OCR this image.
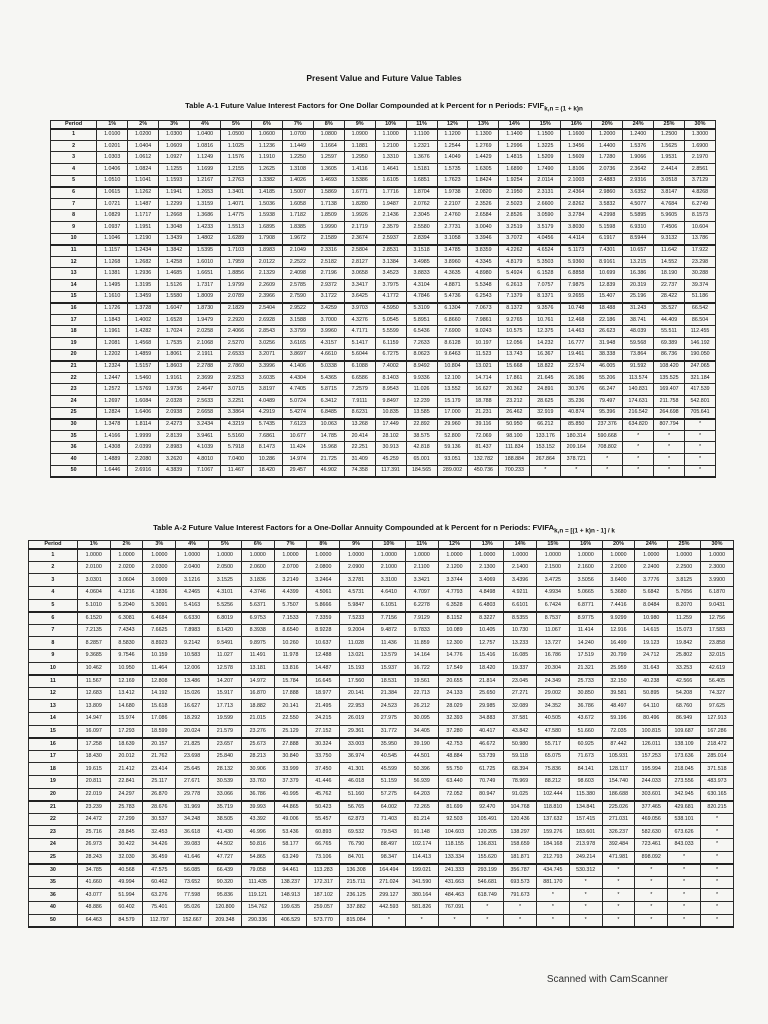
Present Value and Future Value Tables
Table A-1 Future Value Interest Factors for One Dollar Compounded at k Percent for n Periods: $FVIF_{k,n = (1 + k)n}$
Period	1%	2%	3%	4%	5%	6%	7%	8%	9%	10%	11%	12%	13%	14%	15%	16%	20%	24%	25%	30%
1	1.0100	1.0200	1.0300	1.0400	1.0500	1.0600	1.0700	1.0800	1.0900	1.1000	1.1100	1.1200	1.1300	1.1400	1.1500	1.1600	1.2000	1.2400	1.2500	1.3000
2	1.0201	1.0404	1.0609	1.0816	1.1025	1.1236	1.1449	1.1664	1.1881	1.2100	1.2321	1.2544	1.2769	1.2996	1.3225	1.3456	1.4400	1.5376	1.5625	1.6900
3	1.0303	1.0612	1.0927	1.1249	1.1576	1.1910	1.2250	1.2597	1.2950	1.3310	1.3676	1.4049	1.4429	1.4815	1.5209	1.5609	1.7280	1.9066	1.9531	2.1970
4	1.0406	1.0824	1.1255	1.1699	1.2155	1.2625	1.3108	1.3605	1.4116	1.4641	1.5181	1.5735	1.6305	1.6890	1.7490	1.8106	2.0736	2.3642	2.4414	2.8561
5	1.0510	1.1041	1.1593	1.2167	1.2763	1.3382	1.4026	1.4693	1.5386	1.6105	1.6851	1.7623	1.8424	1.9254	2.0114	2.1003	2.4883	2.9316	3.0518	3.7129
6	1.0615	1.1262	1.1941	1.2653	1.3401	1.4185	1.5007	1.5869	1.6771	1.7716	1.8704	1.9738	2.0820	2.1950	2.3131	2.4364	2.9860	3.6352	3.8147	4.8268
7	1.0721	1.1487	1.2299	1.3159	1.4071	1.5036	1.6058	1.7138	1.8280	1.9487	2.0762	2.2107	2.3526	2.5023	2.6600	2.8262	3.5832	4.5077	4.7684	6.2749
8	1.0829	1.1717	1.2668	1.3686	1.4775	1.5938	1.7182	1.8509	1.9926	2.1436	2.3045	2.4760	2.6584	2.8526	3.0590	3.2784	4.2998	5.5895	5.9605	8.1573
9	1.0937	1.1951	1.3048	1.4233	1.5513	1.6895	1.8385	1.9990	2.1719	2.3579	2.5580	2.7731	3.0040	3.2519	3.5179	3.8030	5.1598	6.9310	7.4506	10.604
10	1.1046	1.2190	1.3439	1.4802	1.6289	1.7908	1.9672	2.1589	2.3674	2.5937	2.8394	3.1058	3.3946	3.7072	4.0456	4.4114	6.1917	8.5944	9.3132	13.786
11	1.1157	1.2434	1.3842	1.5395	1.7103	1.8983	2.1049	2.3316	2.5804	2.8531	3.1518	3.4785	3.8359	4.2262	4.6524	5.1173	7.4301	10.657	11.642	17.922
12	1.1268	1.2682	1.4258	1.6010	1.7959	2.0122	2.2522	2.5182	2.8127	3.1384	3.4985	3.8960	4.3345	4.8179	5.3503	5.9360	8.9161	13.215	14.552	23.298
13	1.1381	1.2936	1.4685	1.6651	1.8856	2.1329	2.4098	2.7196	3.0658	3.4523	3.8833	4.3635	4.8980	5.4924	6.1528	6.8858	10.699	16.386	18.190	30.288
14	1.1495	1.3195	1.5126	1.7317	1.9799	2.2609	2.5785	2.9372	3.3417	3.7975	4.3104	4.8871	5.5348	6.2613	7.0757	7.9875	12.839	20.319	22.737	39.374
15	1.1610	1.3459	1.5580	1.8009	2.0789	2.3966	2.7590	3.1722	3.6425	4.1772	4.7846	5.4736	6.2543	7.1379	8.1371	9.2655	15.407	25.196	28.422	51.186
16	1.1726	1.3728	1.6047	1.8730	2.1829	2.5404	2.9522	3.4259	3.9703	4.5950	5.3109	6.1304	7.0673	8.1372	9.3576	10.748	18.488	31.243	35.527	66.542
17	1.1843	1.4002	1.6528	1.9479	2.2920	2.6928	3.1588	3.7000	4.3276	5.0545	5.8951	6.8660	7.9861	9.2765	10.761	12.468	22.186	38.741	44.409	86.504
18	1.1961	1.4282	1.7024	2.0258	2.4066	2.8543	3.3799	3.9960	4.7171	5.5599	6.5436	7.6900	9.0243	10.575	12.375	14.463	26.623	48.039	55.511	112.455
19	1.2081	1.4568	1.7535	2.1068	2.5270	3.0256	3.6165	4.3157	5.1417	6.1159	7.2633	8.6128	10.197	12.056	14.232	16.777	31.948	59.568	69.389	146.192
20	1.2202	1.4859	1.8061	2.1911	2.6533	3.2071	3.8697	4.6610	5.6044	6.7275	8.0623	9.6463	11.523	13.743	16.367	19.461	38.338	73.864	86.736	190.050
21	1.2324	1.5157	1.8603	2.2788	2.7860	3.3996	4.1406	5.0338	6.1088	7.4002	8.9492	10.804	13.021	15.668	18.822	22.574	46.005	91.592	108.420	247.065
22	1.2447	1.5460	1.9161	2.3699	2.9253	3.6035	4.4304	5.4365	6.6586	8.1403	9.9336	12.100	14.714	17.861	21.645	26.186	55.206	113.574	135.525	321.184
23	1.2572	1.5769	1.9736	2.4647	3.0715	3.8197	4.7405	5.8715	7.2579	8.9543	11.026	13.552	16.627	20.362	24.891	30.376	66.247	140.831	169.407	417.539
24	1.2697	1.6084	2.0328	2.5633	3.2251	4.0489	5.0724	6.3412	7.9111	9.8497	12.239	15.179	18.788	23.212	28.625	35.236	79.497	174.631	211.758	542.801
25	1.2824	1.6406	2.0938	2.6658	3.3864	4.2919	5.4274	6.8485	8.6231	10.835	13.585	17.000	21.231	26.462	32.919	40.874	95.396	216.542	264.698	705.641
30	1.3478	1.8114	2.4273	3.2434	4.3219	5.7435	7.6123	10.063	13.268	17.449	22.892	29.960	39.116	50.950	66.212	85.850	237.376	634.820	807.794	*
35	1.4166	1.9999	2.8139	3.9461	5.5160	7.6861	10.677	14.785	20.414	28.102	38.575	52.800	72.069	98.100	133.176	180.314	590.668	*	*	*
36	1.4308	2.0399	2.8983	4.1039	5.7918	8.1473	11.424	15.968	22.251	30.913	42.818	59.136	81.437	111.834	153.152	209.164	708.802	*	*	*
40	1.4889	2.2080	3.2620	4.8010	7.0400	10.286	14.974	21.725	31.409	45.259	65.001	93.051	132.782	188.884	267.864	378.721	*	*	*	*
50	1.6446	2.6916	4.3839	7.1067	11.467	18.420	29.457	46.902	74.358	117.391	184.565	289.002	450.736	700.233	*	*	*	*	*	*
Table A-2 Future Value Interest Factors for a One-Dollar Annuity Compounded at k Percent for n Periods: $FVIFA_{k,n = [(1 + k)n - 1] / k}$
Period	1%	2%	3%	4%	5%	6%	7%	8%	9%	10%	11%	12%	13%	14%	15%	16%	20%	24%	25%	30%
1	1.0000	1.0000	1.0000	1.0000	1.0000	1.0000	1.0000	1.0000	1.0000	1.0000	1.0000	1.0000	1.0000	1.0000	1.0000	1.0000	1.0000	1.0000	1.0000	1.0000
2	2.0100	2.0200	2.0300	2.0400	2.0500	2.0600	2.0700	2.0800	2.0900	2.1000	2.1100	2.1200	2.1300	2.1400	2.1500	2.1600	2.2000	2.2400	2.2500	2.3000
3	3.0301	3.0604	3.0909	3.1216	3.1525	3.1836	3.2149	3.2464	3.2781	3.3100	3.3421	3.3744	3.4069	3.4396	3.4725	3.5056	3.6400	3.7776	3.8125	3.9900
4	4.0604	4.1216	4.1836	4.2465	4.3101	4.3746	4.4399	4.5061	4.5731	4.6410	4.7097	4.7793	4.8498	4.9211	4.9934	5.0665	5.3680	5.6842	5.7656	6.1870
5	5.1010	5.2040	5.3091	5.4163	5.5256	5.6371	5.7507	5.8666	5.9847	6.1051	6.2278	6.3528	6.4803	6.6101	6.7424	6.8771	7.4416	8.0484	8.2070	9.0431
6	6.1520	6.3081	6.4684	6.6330	6.8019	6.9753	7.1533	7.3359	7.5233	7.7156	7.9129	8.1152	8.3227	8.5355	8.7537	8.9775	9.9299	10.980	11.259	12.756
7	7.2135	7.4343	7.6625	7.8983	8.1420	8.3938	8.6540	8.9228	9.2004	9.4872	9.7833	10.089	10.405	10.730	11.067	11.414	12.916	14.615	15.073	17.583
8	8.2857	8.5830	8.8923	9.2142	9.5491	9.8975	10.260	10.637	11.028	11.436	11.859	12.300	12.757	13.233	13.727	14.240	16.499	19.123	19.842	23.858
9	9.3685	9.7546	10.159	10.583	11.027	11.491	11.978	12.488	13.021	13.579	14.164	14.776	15.416	16.085	16.786	17.519	20.799	24.712	25.802	32.015
10	10.462	10.950	11.464	12.006	12.578	13.181	13.816	14.487	15.193	15.937	16.722	17.549	18.420	19.337	20.304	21.321	25.959	31.643	33.253	42.619
11	11.567	12.169	12.808	13.486	14.207	14.972	15.784	16.645	17.560	18.531	19.561	20.655	21.814	23.045	24.349	25.733	32.150	40.238	42.566	56.405
12	12.683	13.412	14.192	15.026	15.917	16.870	17.888	18.977	20.141	21.384	22.713	24.133	25.650	27.271	29.002	30.850	39.581	50.895	54.208	74.327
13	13.809	14.680	15.618	16.627	17.713	18.882	20.141	21.495	22.953	24.523	26.212	28.029	29.985	32.089	34.352	36.786	48.497	64.110	68.760	97.625
14	14.947	15.974	17.086	18.292	19.599	21.015	22.550	24.215	26.019	27.975	30.095	32.393	34.883	37.581	40.505	43.672	59.196	80.496	86.949	127.913
15	16.097	17.293	18.599	20.024	21.579	23.276	25.129	27.152	29.361	31.772	34.405	37.280	40.417	43.842	47.580	51.660	72.035	100.815	109.687	167.286
16	17.258	18.639	20.157	21.825	23.657	25.673	27.888	30.324	33.003	35.950	39.190	42.753	46.672	50.980	55.717	60.925	87.442	126.011	138.109	218.472
17	18.430	20.012	21.762	23.698	25.840	28.213	30.840	33.750	36.974	40.545	44.501	48.884	53.739	59.118	65.075	71.673	105.931	157.253	173.636	285.014
18	19.615	21.412	23.414	25.645	28.132	30.906	33.999	37.450	41.301	45.599	50.396	55.750	61.725	68.394	75.836	84.141	128.117	195.994	218.045	371.518
19	20.811	22.841	25.117	27.671	30.539	33.760	37.379	41.446	46.018	51.159	56.939	63.440	70.749	78.969	88.212	98.603	154.740	244.033	273.556	483.973
20	22.019	24.297	26.870	29.778	33.066	36.786	40.995	45.762	51.160	57.275	64.203	72.052	80.947	91.025	102.444	115.380	186.688	303.601	342.945	630.165
21	23.239	25.783	28.676	31.969	35.719	39.993	44.865	50.423	56.765	64.002	72.265	81.699	92.470	104.768	118.810	134.841	225.026	377.465	429.681	820.215
22	24.472	27.299	30.537	34.248	38.505	43.392	49.006	55.457	62.873	71.403	81.214	92.503	105.491	120.436	137.632	157.415	271.031	469.056	538.101	*
23	25.716	28.845	32.453	36.618	41.430	46.996	53.436	60.893	69.532	79.543	91.148	104.603	120.205	138.297	159.276	183.601	326.237	582.630	673.626	*
24	26.973	30.422	34.426	39.083	44.502	50.816	58.177	66.765	76.790	88.497	102.174	118.155	136.831	158.659	184.168	213.978	392.484	723.461	843.033	*
25	28.243	32.030	36.459	41.646	47.727	54.865	63.249	73.106	84.701	98.347	114.413	133.334	155.620	181.871	212.793	249.214	471.981	898.092	*	*
30	34.785	40.568	47.575	56.085	66.439	79.058	94.461	113.283	136.308	164.494	199.021	241.333	293.199	356.787	434.745	530.312	*	*	*	*
35	41.660	49.994	60.462	73.652	90.320	111.435	138.237	172.317	215.711	271.024	341.590	431.663	546.681	693.573	881.170	*	*	*	*	*
36	43.077	51.994	63.276	77.598	95.836	119.121	148.913	187.102	236.125	299.127	380.164	484.463	618.749	791.673	*	*	*	*	*	*
40	48.886	60.402	75.401	95.026	120.800	154.762	199.635	259.057	337.882	442.593	581.826	767.091	*	*	*	*	*	*	*	*
50	64.463	84.579	112.797	152.667	209.348	290.336	406.529	573.770	815.084	*	*	*	*	*	*	*	*	*	*	*
Scanned with CamScanner
